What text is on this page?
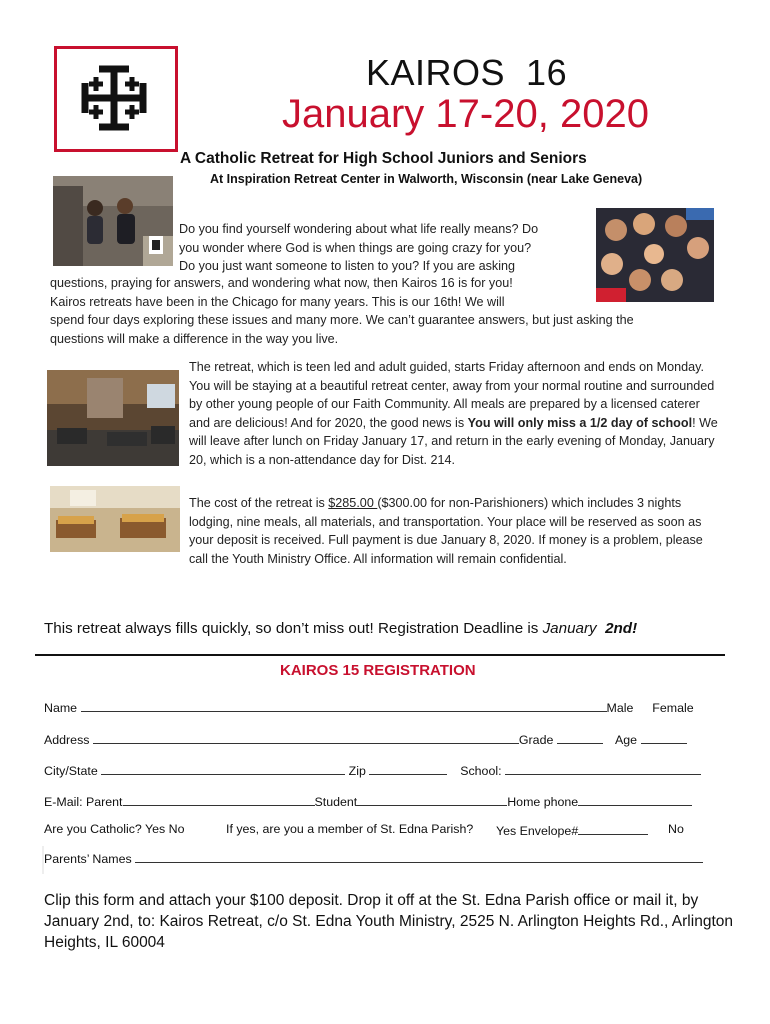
KAIROS  16
January 17-20, 2020
A Catholic Retreat for High School Juniors and Seniors
At Inspiration Retreat Center in Walworth, Wisconsin (near Lake Geneva)
Do you find yourself wondering about what life really means? Do
you wonder where God is when things are going crazy for you?
Do you just want someone to listen to you? If you are asking
questions, praying for answers, and wondering what now, then Kairos 16 is for you!
Kairos retreats have been in the Chicago for many years. This is our 16th! We will
spend four days exploring these issues and many more. We can’t guarantee answers, but just asking the
questions will make a difference in the way you live.
The retreat, which is teen led and adult guided, starts Friday afternoon and ends on Monday. You will be staying at a beautiful retreat center, away from your normal routine and surrounded by other young people of our Faith Community. All meals are prepared by a licensed caterer and are delicious! And for 2020, the good news is You will only miss a 1/2 day of school! We will leave after lunch on Friday January 17, and return in the early evening of Monday, January 20, which is a non-attendance day for Dist. 214.
The cost of the retreat is $285.00 ($300.00 for non-Parishioners) which includes 3 nights lodging, nine meals, all materials, and transportation. Your place will be reserved as soon as your deposit is received. Full payment is due January 8, 2020. If money is a problem, please call the Youth Ministry Office. All information will remain confidential.
This retreat always fills quickly, so don’t miss out! Registration Deadline is January 2nd!
KAIROS 15 REGISTRATION
Name	Male Female
Address	Grade	Age
City/State	Zip	School:
E-Mail: Parent	Student	Home phone
Are you Catholic? Yes No	If yes, are you a member of St. Edna Parish? Yes Envelope#	No
Parents’ Names
Clip this form and attach your $100 deposit. Drop it off at the St. Edna Parish office or mail it, by January 2nd, to: Kairos Retreat, c/o St. Edna Youth Ministry, 2525 N. Arlington Heights Rd., Arlington Heights, IL 60004
